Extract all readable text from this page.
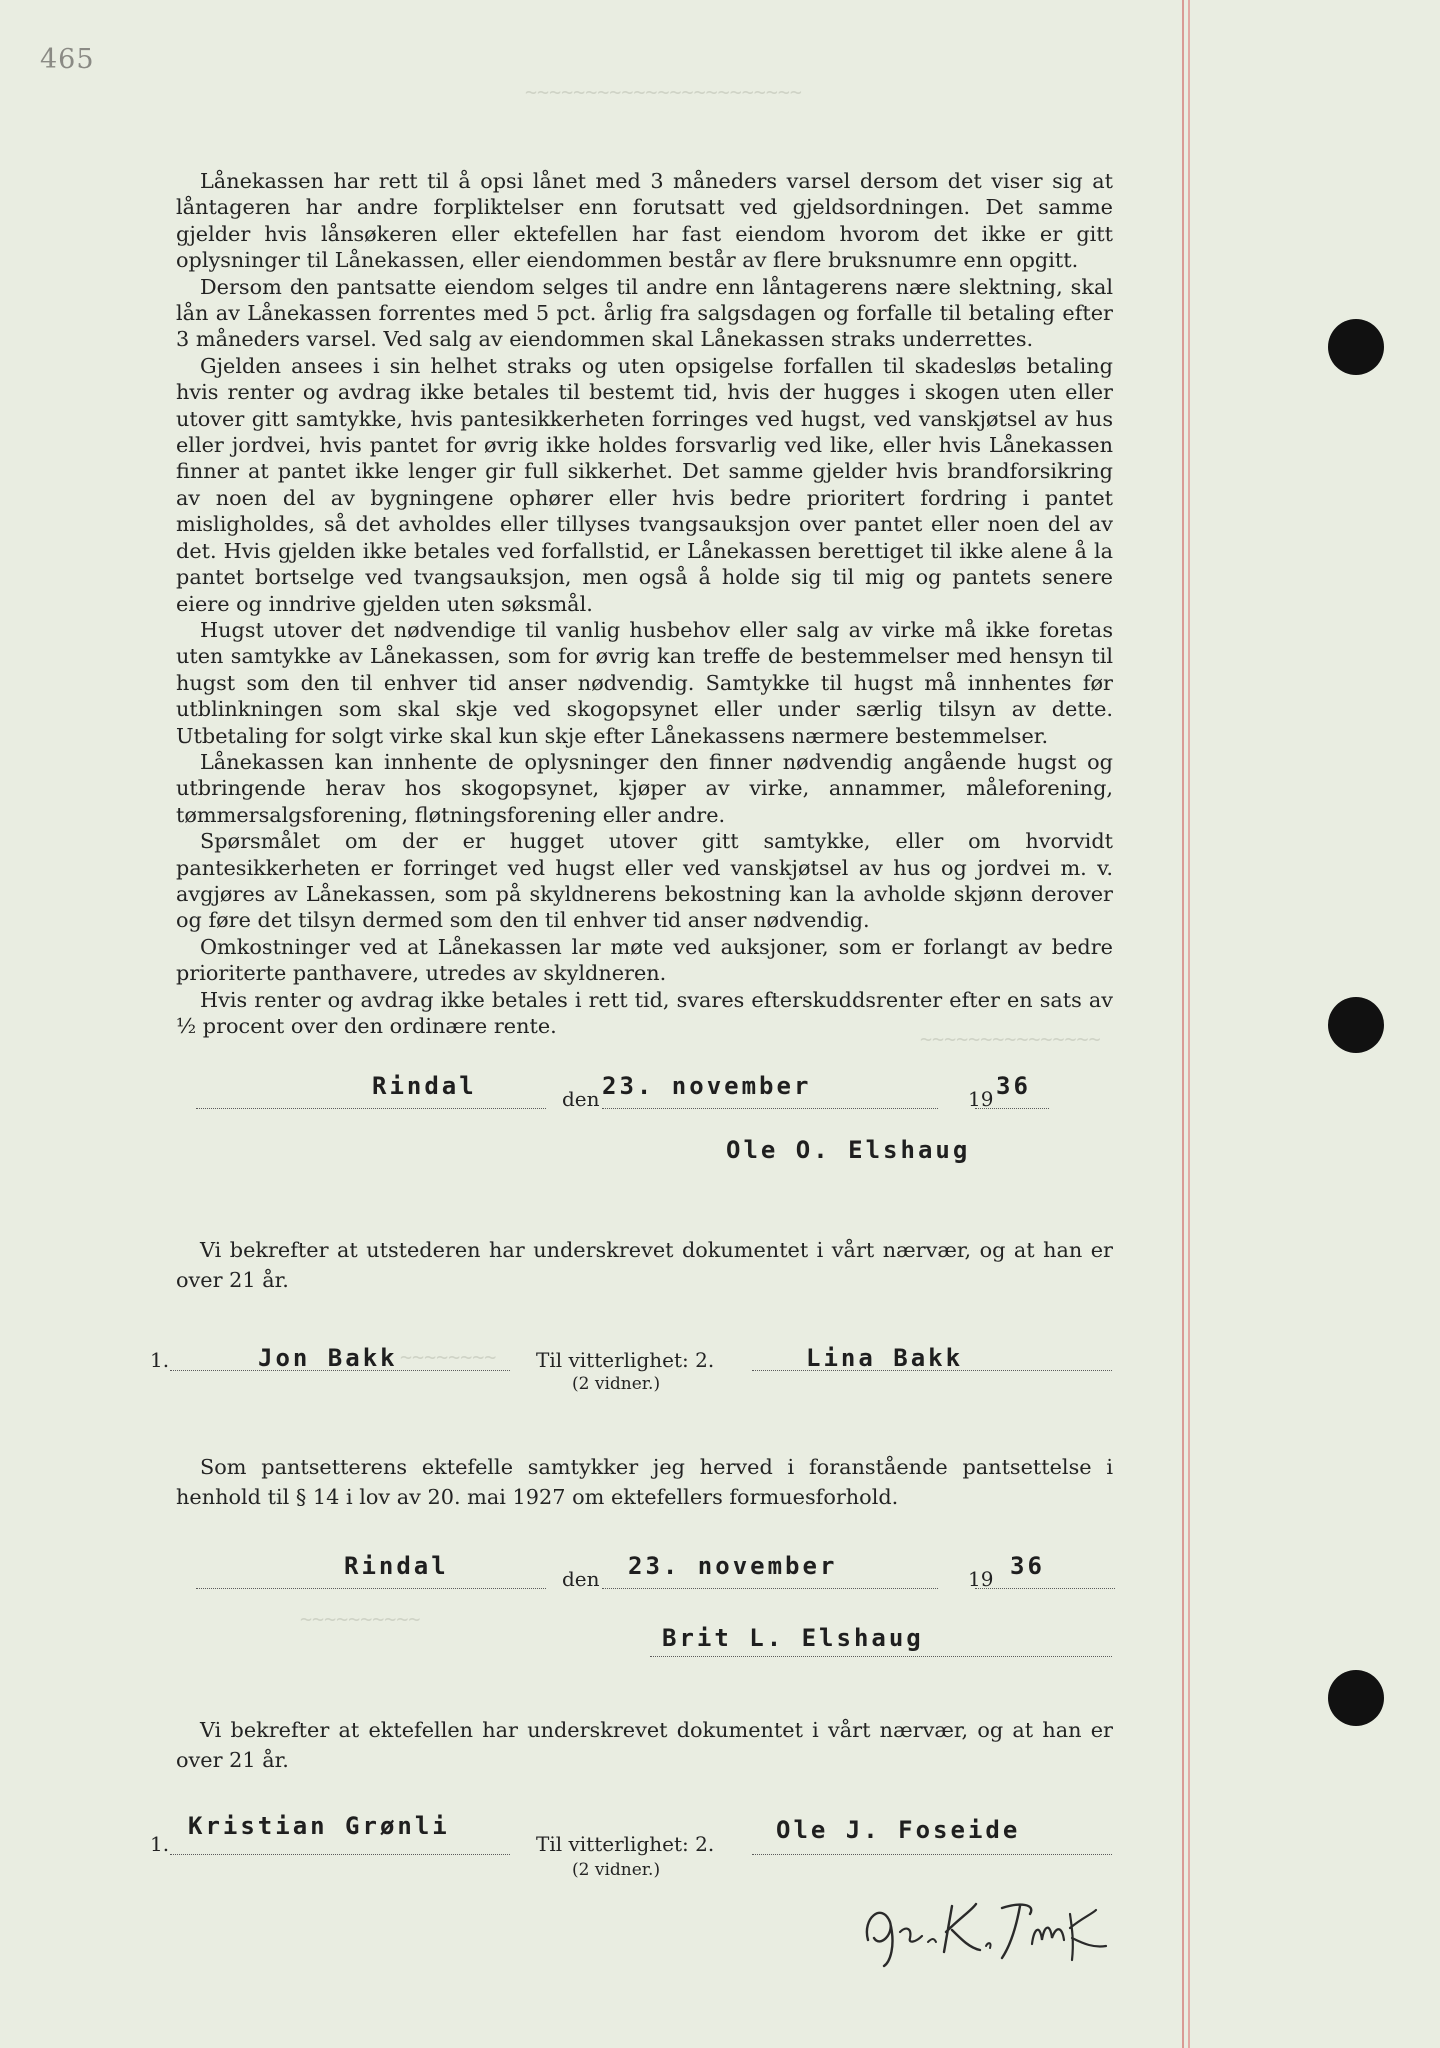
465
~~~~~~~~~~~~~~~~~~~~~~~
~~~~~~~~~~~~~~~
~~~~~~~~
~~~~~~~~~~
Lånekassen har rett til å opsi lånet med 3 måneders varsel dersom det viser sig at låntageren har andre forpliktelser enn forutsatt ved gjeldsordningen. Det samme gjelder hvis lånsøkeren eller ektefellen har fast eiendom hvorom det ikke er gitt oplysninger til Lånekassen, eller eiendommen består av flere bruksnumre enn opgitt.
Dersom den pantsatte eiendom selges til andre enn låntagerens nære slektning, skal lån av Lånekassen forrentes med 5 pct. årlig fra salgsdagen og forfalle til betaling efter 3 måneders varsel. Ved salg av eiendommen skal Lånekassen straks underrettes.
Gjelden ansees i sin helhet straks og uten opsigelse forfallen til skadesløs betaling hvis renter og avdrag ikke betales til bestemt tid, hvis der hugges i skogen uten eller utover gitt samtykke, hvis pantesikkerheten forringes ved hugst, ved vanskjøtsel av hus eller jordvei, hvis pantet for øvrig ikke holdes forsvarlig ved like, eller hvis Lånekassen finner at pantet ikke lenger gir full sikkerhet. Det samme gjelder hvis brandforsikring av noen del av bygningene ophører eller hvis bedre prioritert fordring i pantet misligholdes, så det avholdes eller tillyses tvangsauksjon over pantet eller noen del av det. Hvis gjelden ikke betales ved forfallstid, er Lånekassen berettiget til ikke alene å la pantet bortselge ved tvangsauksjon, men også å holde sig til mig og pantets senere eiere og inndrive gjelden uten søksmål.
Hugst utover det nødvendige til vanlig husbehov eller salg av virke må ikke foretas uten samtykke av Lånekassen, som for øvrig kan treffe de bestemmelser med hensyn til hugst som den til enhver tid anser nødvendig. Samtykke til hugst må innhentes før utblinkningen som skal skje ved skogopsynet eller under særlig tilsyn av dette. Utbetaling for solgt virke skal kun skje efter Lånekassens nærmere bestemmelser.
Lånekassen kan innhente de oplysninger den finner nødvendig angående hugst og utbringende herav hos skogopsynet, kjøper av virke, annammer, måleforening, tømmersalgsforening, fløtningsforening eller andre.
Spørsmålet om der er hugget utover gitt samtykke, eller om hvorvidt pantesikkerheten er forringet ved hugst eller ved vanskjøtsel av hus og jordvei m. v. avgjøres av Lånekassen, som på skyldnerens bekostning kan la avholde skjønn derover og føre det tilsyn dermed som den til enhver tid anser nødvendig.
Omkostninger ved at Lånekassen lar møte ved auksjoner, som er forlangt av bedre prioriterte panthavere, utredes av skyldneren.
Hvis renter og avdrag ikke betales i rett tid, svares efterskuddsrenter efter en sats av ½ procent over den ordinære rente.
Rindal	den 23. november	19 36
Ole O. Elshaug
Vi bekrefter at utstederen har underskrevet dokumentet i vårt nærvær, og at han er over 21 år.
1.	Jon Bakk	Til vitterlighet: 2.	Lina Bakk
(2 vidner.)
Som pantsetterens ektefelle samtykker jeg herved i foranstående pantsettelse i henhold til § 14 i lov av 20. mai 1927 om ektefellers formuesforhold.
Rindal	den 23. november	19 36
Brit L. Elshaug
Vi bekrefter at ektefellen har underskrevet dokumentet i vårt nærvær, og at han er over 21 år.
1.
Kristian Grønli
Til vitterlighet: 2.	Ole J. Foseide
(2 vidner.)
